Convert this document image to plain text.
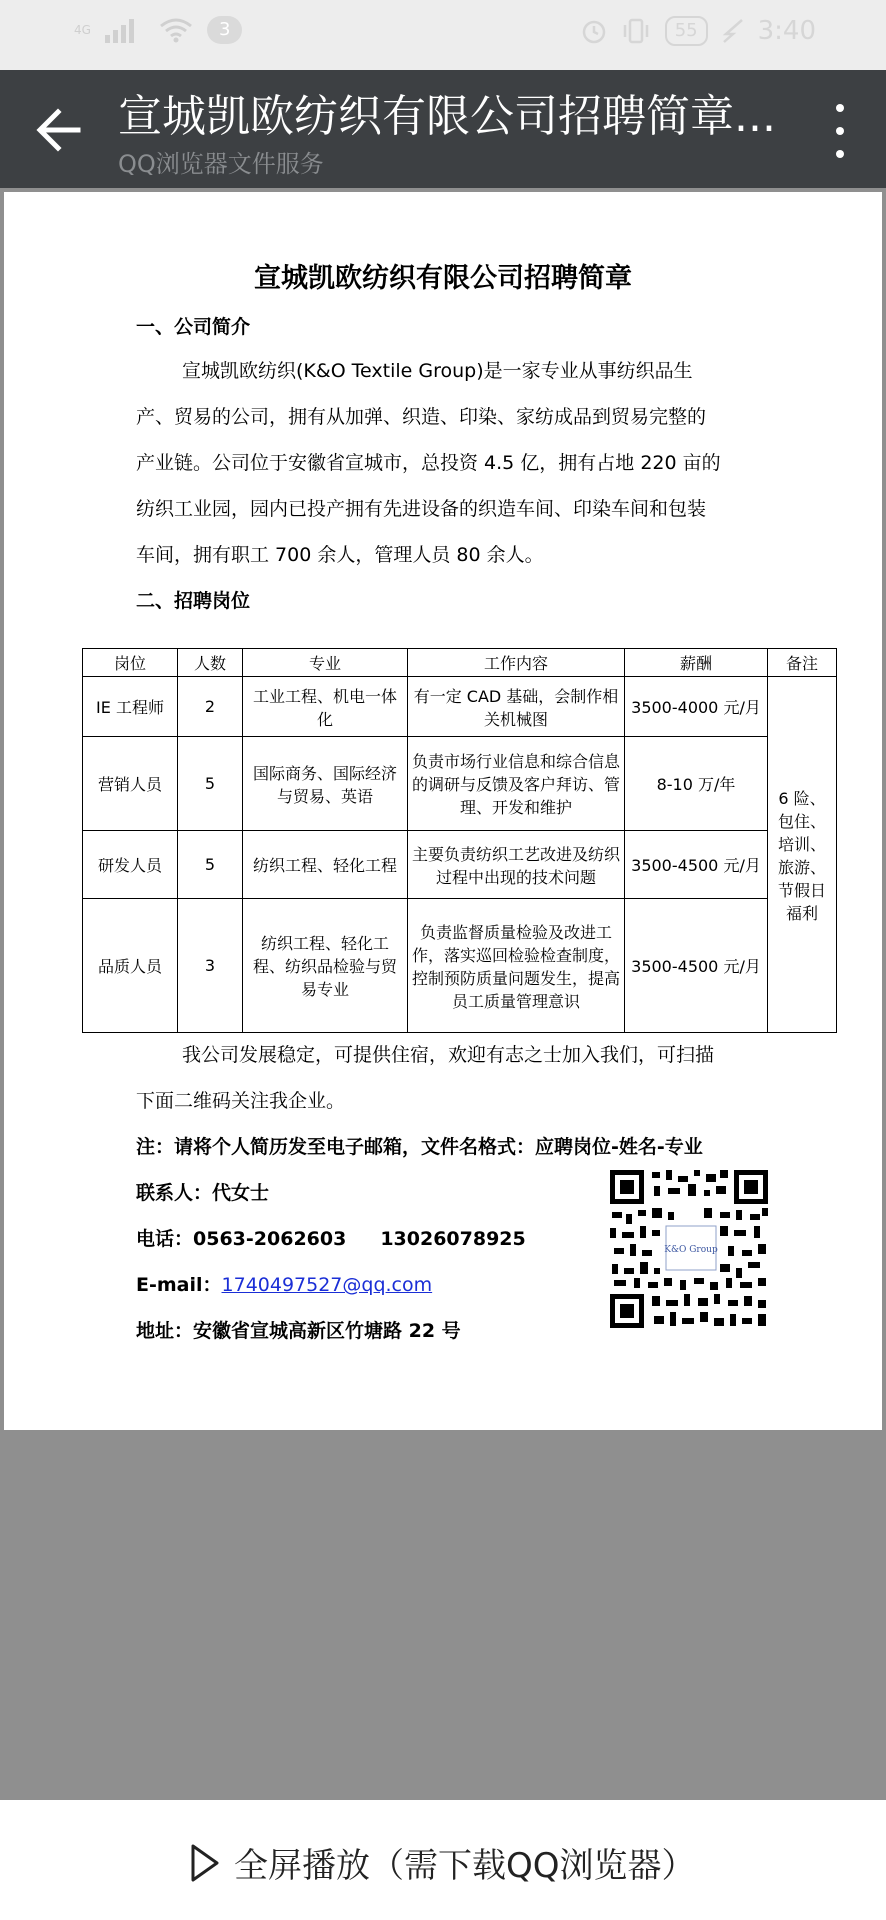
4G	3	55	3:40
宣城凯欧纺织有限公司招聘简章...
QQ浏览器文件服务
宣城凯欧纺织有限公司招聘简章
一、公司简介
宣城凯欧纺织(K&O Textile Group)是一家专业从事纺织品生
产、贸易的公司，拥有从加弹、织造、印染、家纺成品到贸易完整的
产业链。公司位于安徽省宣城市，总投资 4.5 亿，拥有占地 220 亩的
纺织工业园，园内已投产拥有先进设备的织造车间、印染车间和包装
车间，拥有职工 700 余人，管理人员 80 余人。
二、招聘岗位
岗位	人数	专业	工作内容	薪酬	备注
IE 工程师	2	工业工程、机电一体化	有一定 CAD 基础，会制作相关机械图	3500-4000 元/月	6 险、包住、培训、旅游、节假日福利
营销人员	5	国际商务、国际经济与贸易、英语	负责市场行业信息和综合信息的调研与反馈及客户拜访、管理、开发和维护	8-10 万/年	
研发人员	5	纺织工程、轻化工程	主要负责纺织工艺改进及纺织过程中出现的技术问题	3500-4500 元/月	
品质人员	3	纺织工程、轻化工程、纺织品检验与贸易专业	负责监督质量检验及改进工作，落实巡回检验检查制度，控制预防质量问题发生，提高员工质量管理意识	3500-4500 元/月	
我公司发展稳定，可提供住宿，欢迎有志之士加入我们，可扫描
下面二维码关注我企业。
注：请将个人简历发至电子邮箱，文件名格式：应聘岗位-姓名-专业
联系人：代女士
电话：0563-2062603 13026078925
E-mail：1740497527@qq.com
地址：安徽省宣城高新区竹塘路 22 号
K&O Group
全屏播放（需下载QQ浏览器）
